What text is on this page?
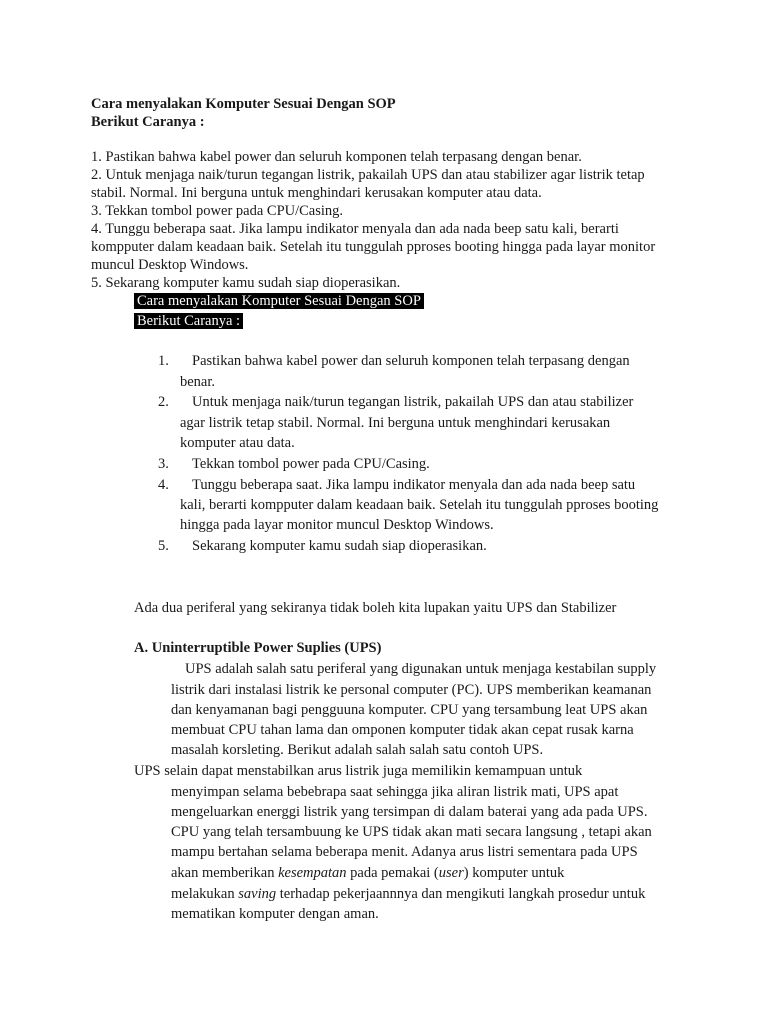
Cara menyalakan Komputer Sesuai Dengan SOP
Berikut Caranya :
1. Pastikan bahwa kabel power dan seluruh komponen telah terpasang dengan benar.
2. Untuk menjaga naik/turun tegangan listrik, pakailah UPS dan atau stabilizer agar listrik tetap
stabil. Normal. Ini berguna untuk menghindari kerusakan komputer atau data.
3. Tekkan tombol power pada CPU/Casing.
4. Tunggu beberapa saat. Jika lampu indikator menyala dan ada nada beep satu kali, berarti
kompputer dalam keadaan baik. Setelah itu tunggulah pproses booting hingga pada layar monitor
muncul Desktop Windows.
5. Sekarang komputer kamu sudah siap dioperasikan.
Cara menyalakan Komputer Sesuai Dengan SOP
Berikut Caranya :
1. Pastikan bahwa kabel power dan seluruh komponen telah terpasang dengan
benar.
2. Untuk menjaga naik/turun tegangan listrik, pakailah UPS dan atau stabilizer
agar listrik tetap stabil. Normal. Ini berguna untuk menghindari kerusakan
komputer atau data.
3. Tekkan tombol power pada CPU/Casing.
4. Tunggu beberapa saat. Jika lampu indikator menyala dan ada nada beep satu
kali, berarti kompputer dalam keadaan baik. Setelah itu tunggulah pproses booting
hingga pada layar monitor muncul Desktop Windows.
5. Sekarang komputer kamu sudah siap dioperasikan.
Ada dua periferal yang sekiranya tidak boleh kita lupakan yaitu UPS dan Stabilizer
A. Uninterruptible Power Suplies (UPS)
UPS adalah salah satu periferal yang digunakan untuk menjaga kestabilan supply
listrik dari instalasi listrik ke personal computer (PC). UPS memberikan keamanan
dan kenyamanan bagi pengguuna komputer. CPU yang tersambung leat UPS akan
membuat CPU tahan lama dan omponen komputer tidak akan cepat rusak karna
masalah korsleting. Berikut adalah salah salah satu contoh UPS.
UPS selain dapat menstabilkan arus listrik juga memilikin kemampuan untuk
menyimpan selama bebebrapa saat sehingga jika aliran listrik mati, UPS apat
mengeluarkan energgi listrik yang tersimpan di dalam baterai yang ada pada UPS.
CPU yang telah tersambuung ke UPS tidak akan mati secara langsung , tetapi akan
mampu bertahan selama beberapa menit. Adanya arus listri sementara pada UPS
akan memberikan kesempatan pada pemakai (user) komputer untuk
melakukan saving terhadap pekerjaannnya dan mengikuti langkah prosedur untuk
mematikan komputer dengan aman.
